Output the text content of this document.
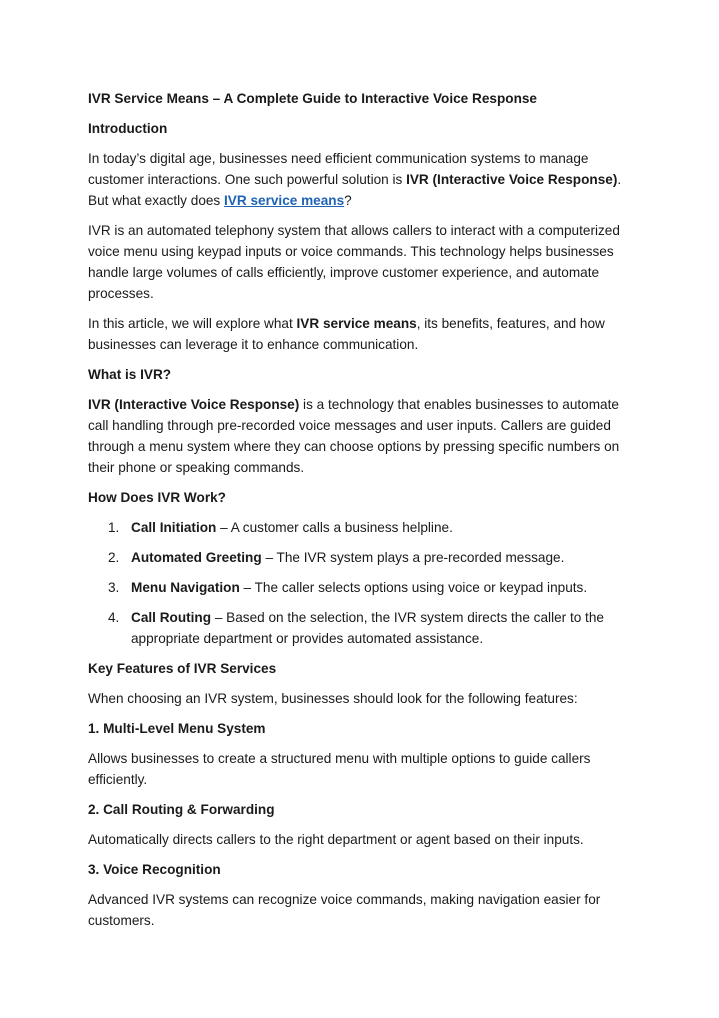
IVR Service Means – A Complete Guide to Interactive Voice Response
Introduction

In today’s digital age, businesses need efficient communication systems to manage customer interactions. One such powerful solution is IVR (Interactive Voice Response). But what exactly does IVR service means?

IVR is an automated telephony system that allows callers to interact with a computerized voice menu using keypad inputs or voice commands. This technology helps businesses handle large volumes of calls efficiently, improve customer experience, and automate processes.

In this article, we will explore what IVR service means, its benefits, features, and how businesses can leverage it to enhance communication.

What is IVR?

IVR (Interactive Voice Response) is a technology that enables businesses to automate call handling through pre-recorded voice messages and user inputs. Callers are guided through a menu system where they can choose options by pressing specific numbers on their phone or speaking commands.

How Does IVR Work?
1. Call Initiation – A customer calls a business helpline.
2. Automated Greeting – The IVR system plays a pre-recorded message.
3. Menu Navigation – The caller selects options using voice or keypad inputs.
4. Call Routing – Based on the selection, the IVR system directs the caller to the appropriate department or provides automated assistance.
Key Features of IVR Services

When choosing an IVR system, businesses should look for the following features:

1. Multi-Level Menu System

Allows businesses to create a structured menu with multiple options to guide callers efficiently.

2. Call Routing & Forwarding

Automatically directs callers to the right department or agent based on their inputs.

3. Voice Recognition

Advanced IVR systems can recognize voice commands, making navigation easier for customers.
